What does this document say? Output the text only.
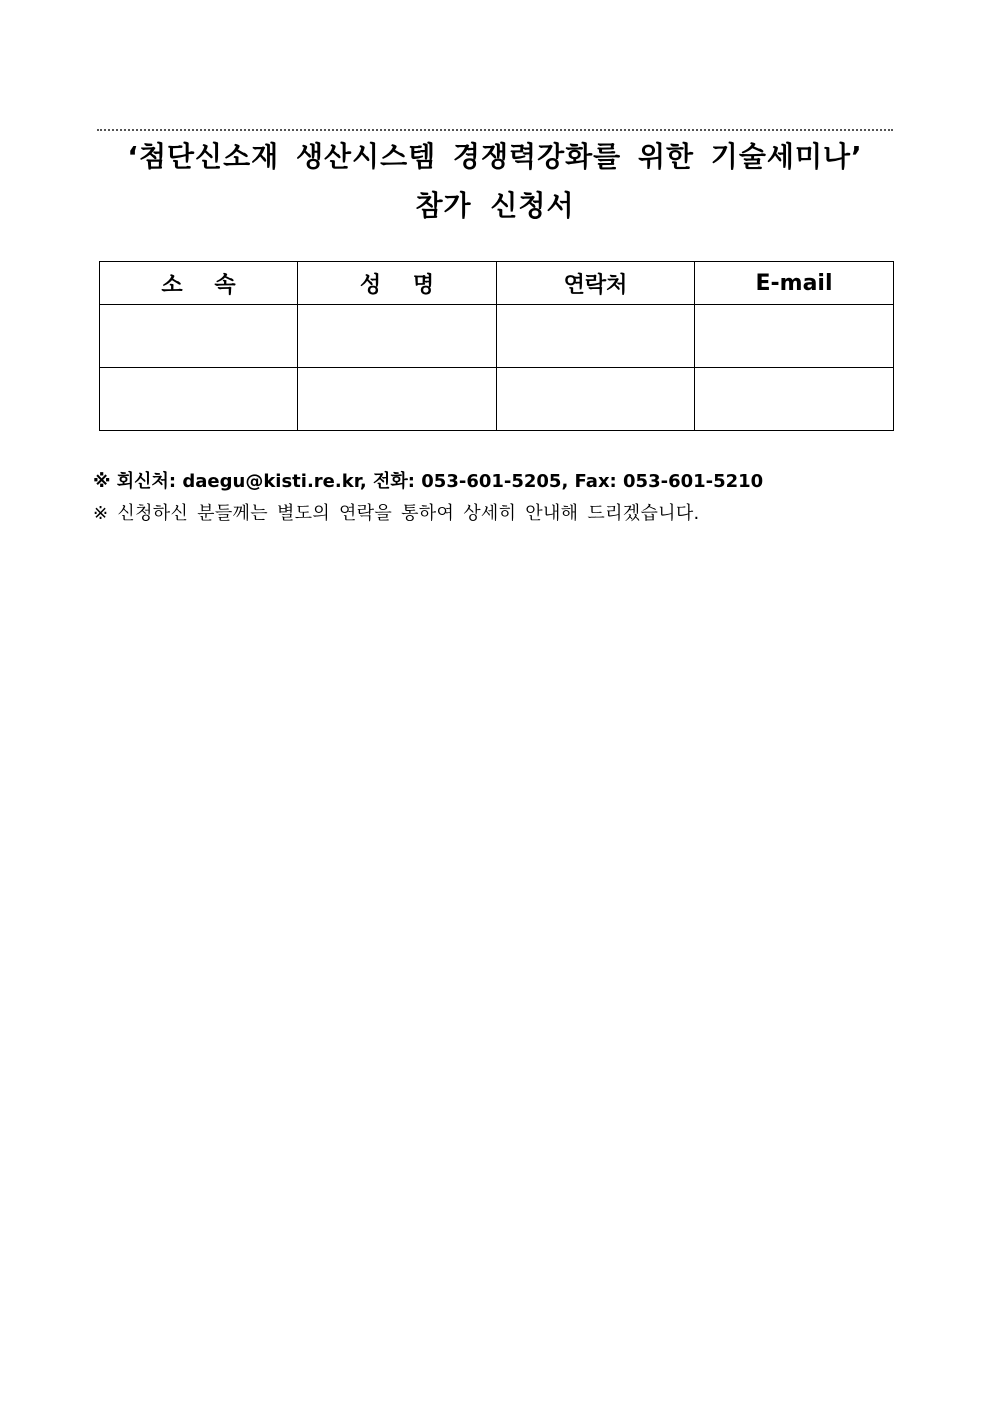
‘첨단신소재 생산시스템 경쟁력강화를 위한 기술세미나’
참가 신청서
소 속	성 명	연락처	E-mail

※ 회신처: daegu@kisti.re.kr, 전화: 053-601-5205, Fax: 053-601-5210
※ 신청하신 분들께는 별도의 연락을 통하여 상세히 안내해 드리겠습니다.
